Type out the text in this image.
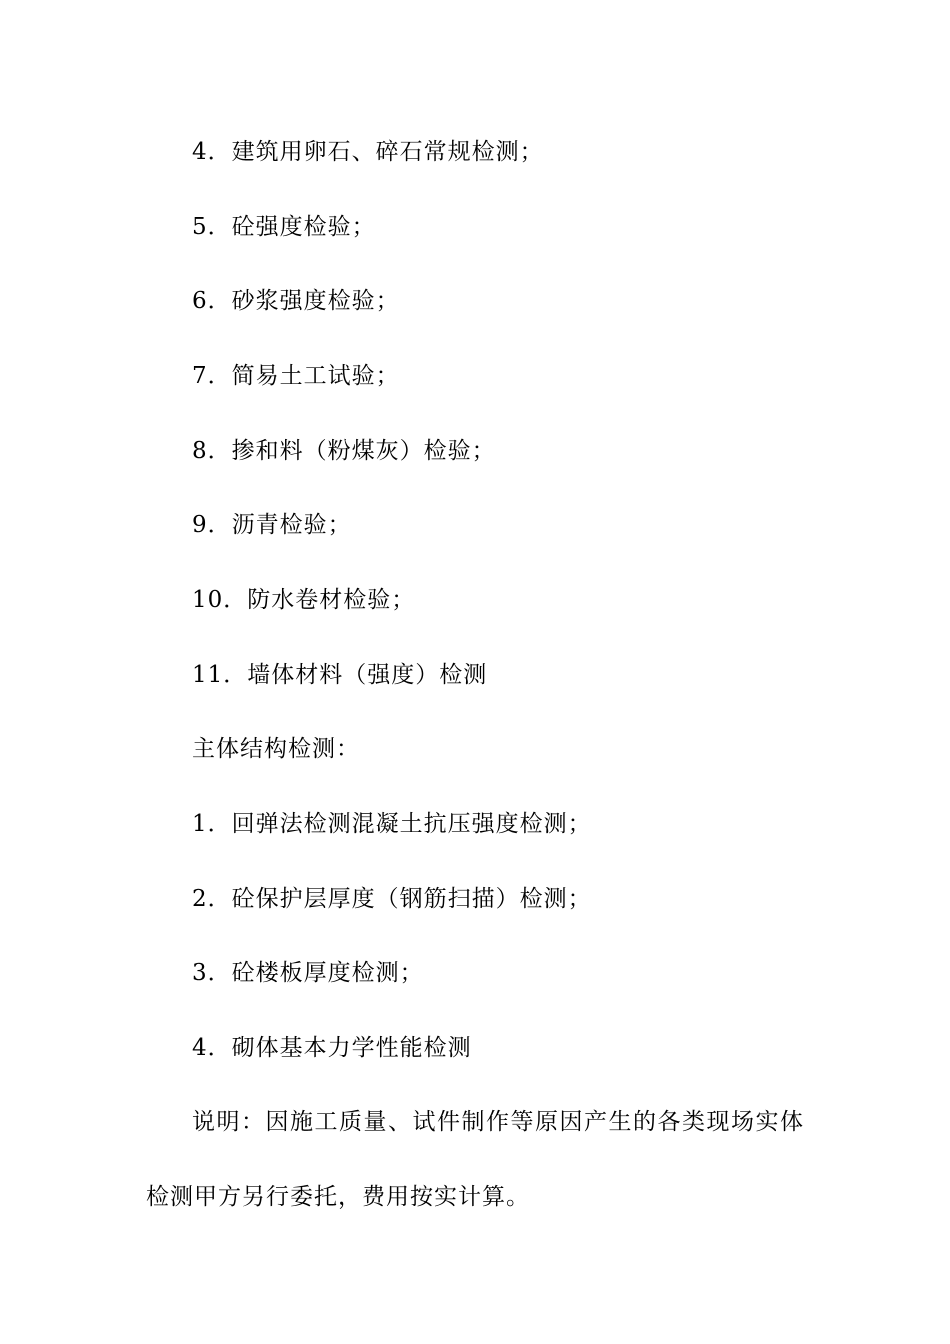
4．建筑用卵石、碎石常规检测；
5．砼强度检验；
6．砂浆强度检验；
7．简易土工试验；
8．掺和料（粉煤灰）检验；
9．沥青检验；
10．防水卷材检验；
11．墙体材料（强度）检测
主体结构检测：
1．回弹法检测混凝土抗压强度检测；
2．砼保护层厚度（钢筋扫描）检测；
3．砼楼板厚度检测；
4．砌体基本力学性能检测
说明：因施工质量、试件制作等原因产生的各类现场实体
检测甲方另行委托，费用按实计算。
